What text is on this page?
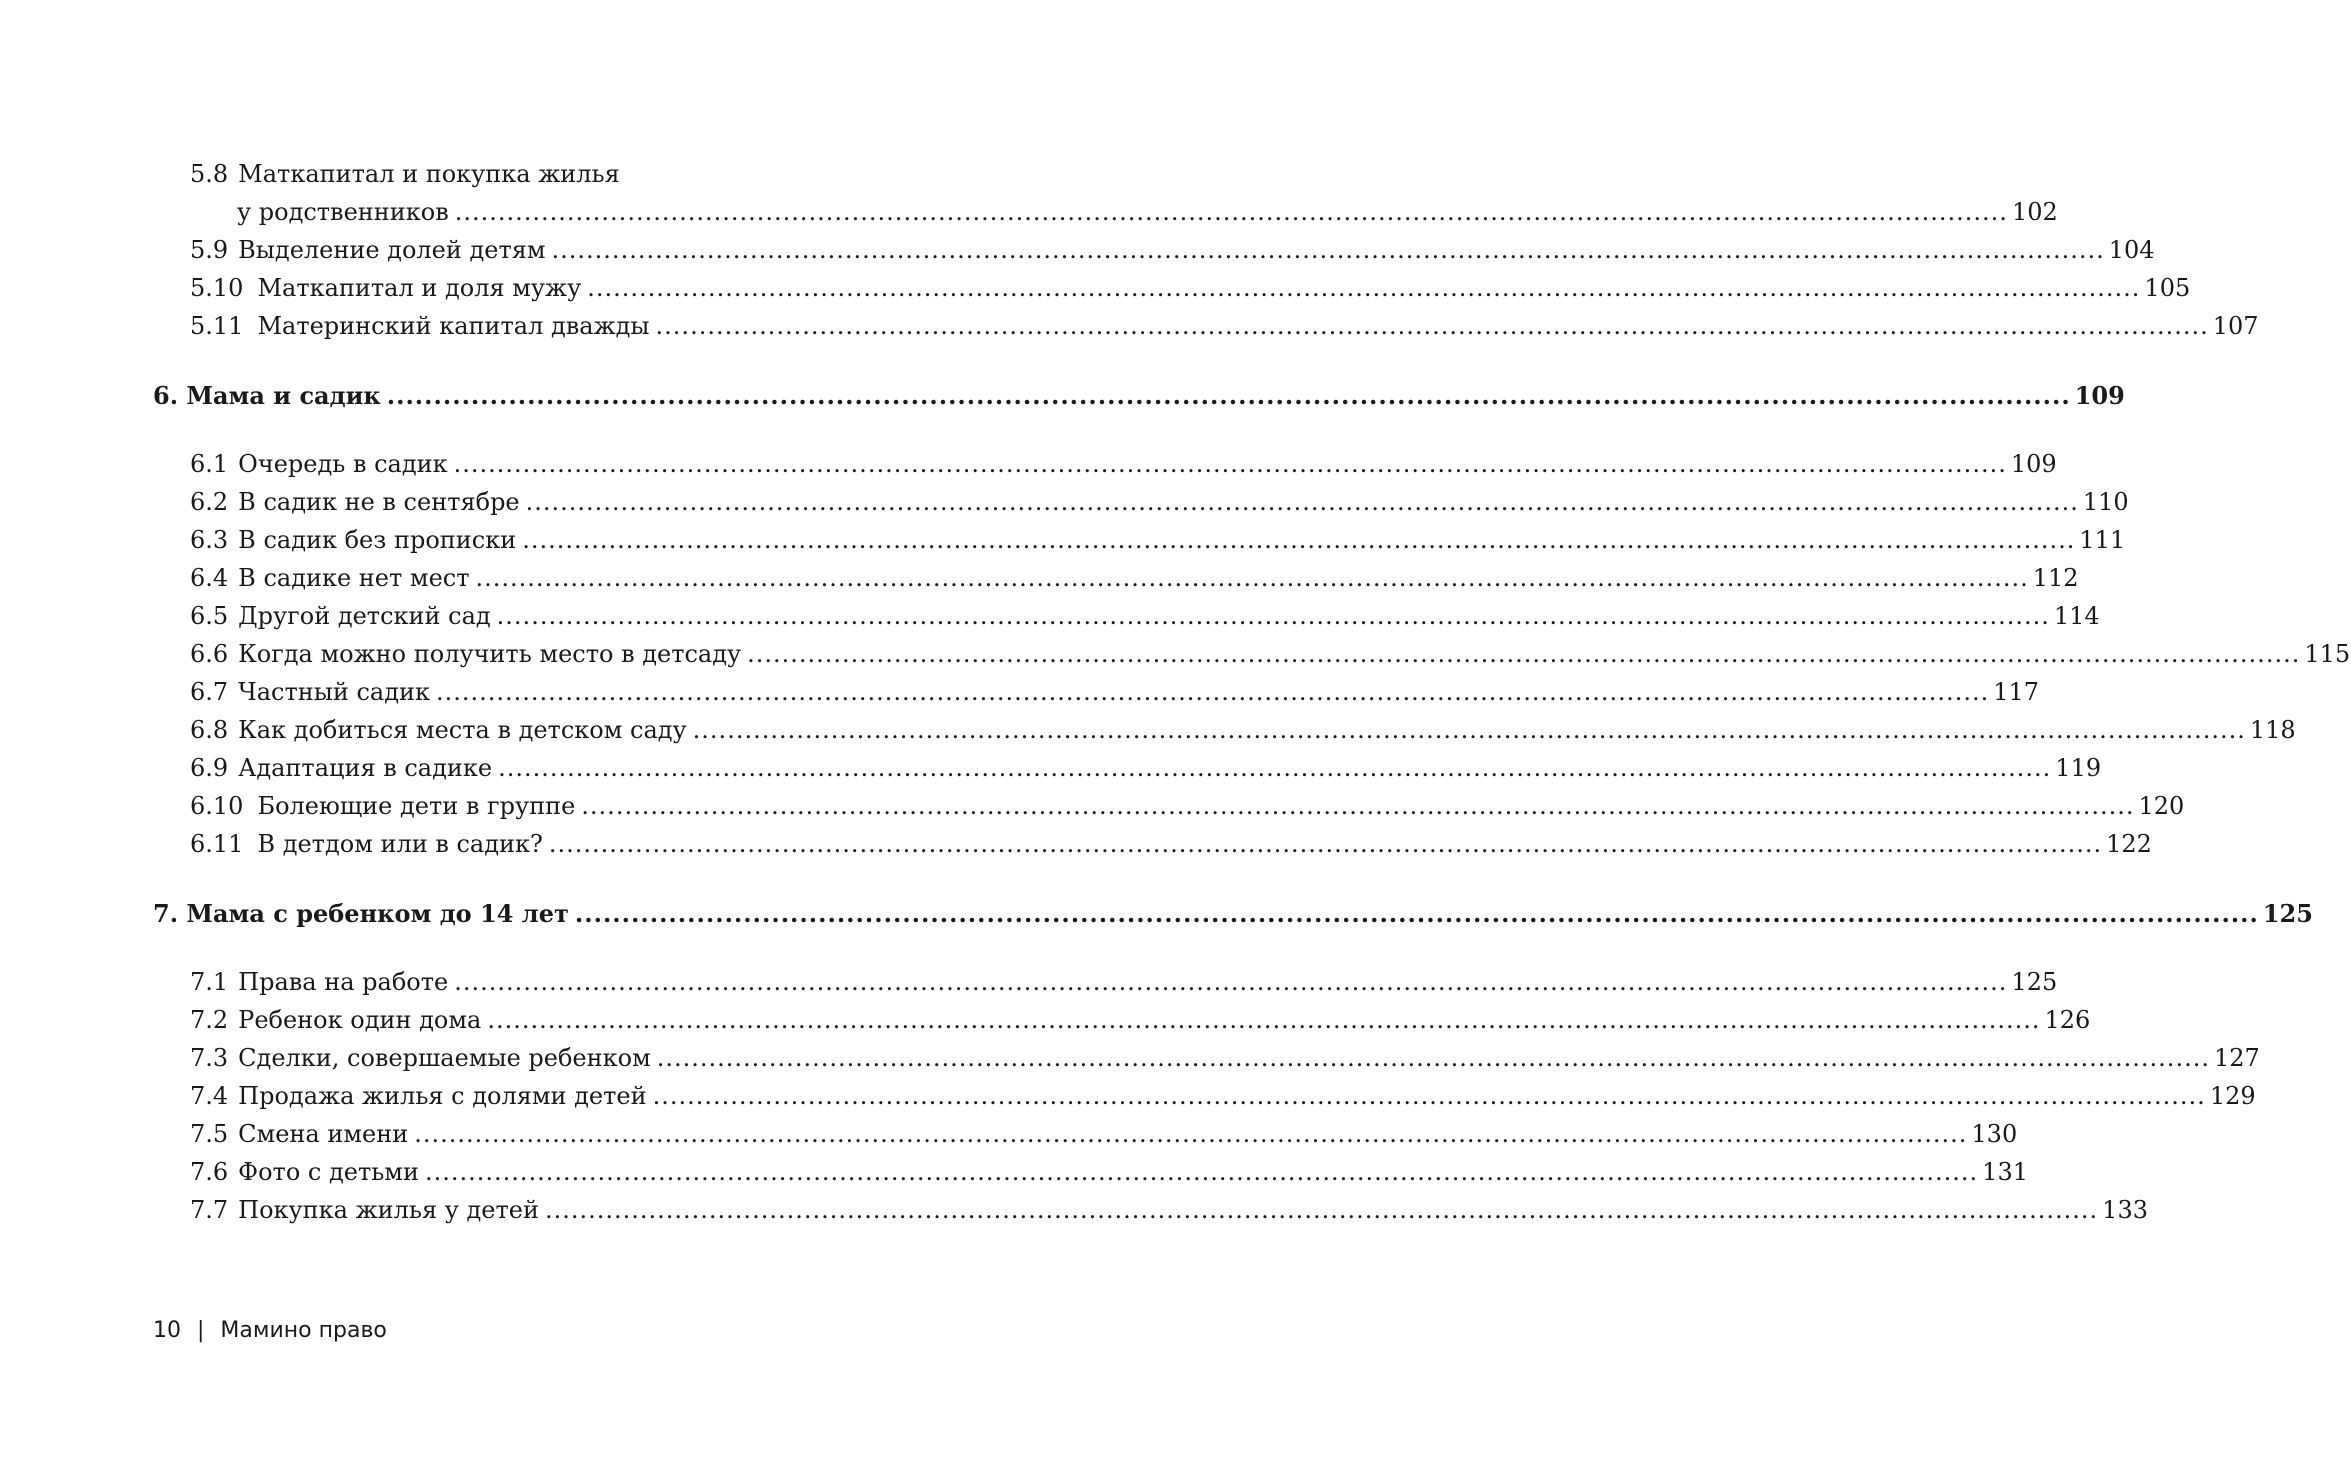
5.8 Маткапитал и покупка жилья
у родственников .................................................................................................................................................................................... 102
5.9 Выделение долей детям .................................................................................................................................................................................... 104
5.10 Маткапитал и доля мужу .................................................................................................................................................................................... 105
5.11 Материнский капитал дважды .................................................................................................................................................................................... 107
6. Мама и садик .................................................................................................................................................................................... 109
6.1 Очередь в садик .................................................................................................................................................................................... 109
6.2 В садик не в сентябре .................................................................................................................................................................................... 110
6.3 В садик без прописки .................................................................................................................................................................................... 111
6.4 В садике нет мест .................................................................................................................................................................................... 112
6.5 Другой детский сад .................................................................................................................................................................................... 114
6.6 Когда можно получить место в детсаду .................................................................................................................................................................................... 115
6.7 Частный садик .................................................................................................................................................................................... 117
6.8 Как добиться места в детском саду .................................................................................................................................................................................... 118
6.9 Адаптация в садике .................................................................................................................................................................................... 119
6.10 Болеющие дети в группе .................................................................................................................................................................................... 120
6.11 В детдом или в садик? .................................................................................................................................................................................... 122
7. Мама с ребенком до 14 лет .................................................................................................................................................................................... 125
7.1 Права на работе .................................................................................................................................................................................... 125
7.2 Ребенок один дома .................................................................................................................................................................................... 126
7.3 Сделки, совершаемые ребенком .................................................................................................................................................................................... 127
7.4 Продажа жилья с долями детей .................................................................................................................................................................................... 129
7.5 Смена имени .................................................................................................................................................................................... 130
7.6 Фото с детьми .................................................................................................................................................................................... 131
7.7 Покупка жилья у детей .................................................................................................................................................................................... 133
10 | Мамино право
